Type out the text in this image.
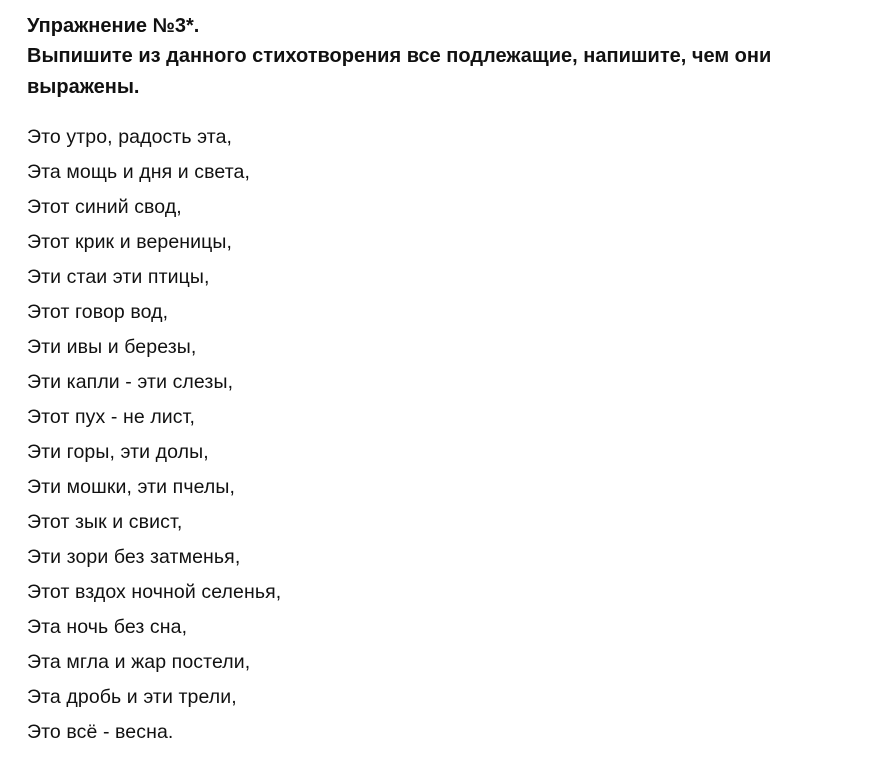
Упражнение №3*.

Выпишите из данного стихотворения все подлежащие, напишите, чем они выражены.

Это утро, радость эта,
Эта мощь и дня и света,
Этот синий свод,
Этот крик и вереницы,
Эти стаи эти птицы,
Этот говор вод,
Эти ивы и березы,
Эти капли - эти слезы,
Этот пух - не лист,
Эти горы, эти долы,
Эти мошки, эти пчелы,
Этот зык и свист,
Эти зори без затменья,
Этот вздох ночной селенья,
Эта ночь без сна,
Эта мгла и жар постели,
Эта дробь и эти трели,
Это всё - весна.
